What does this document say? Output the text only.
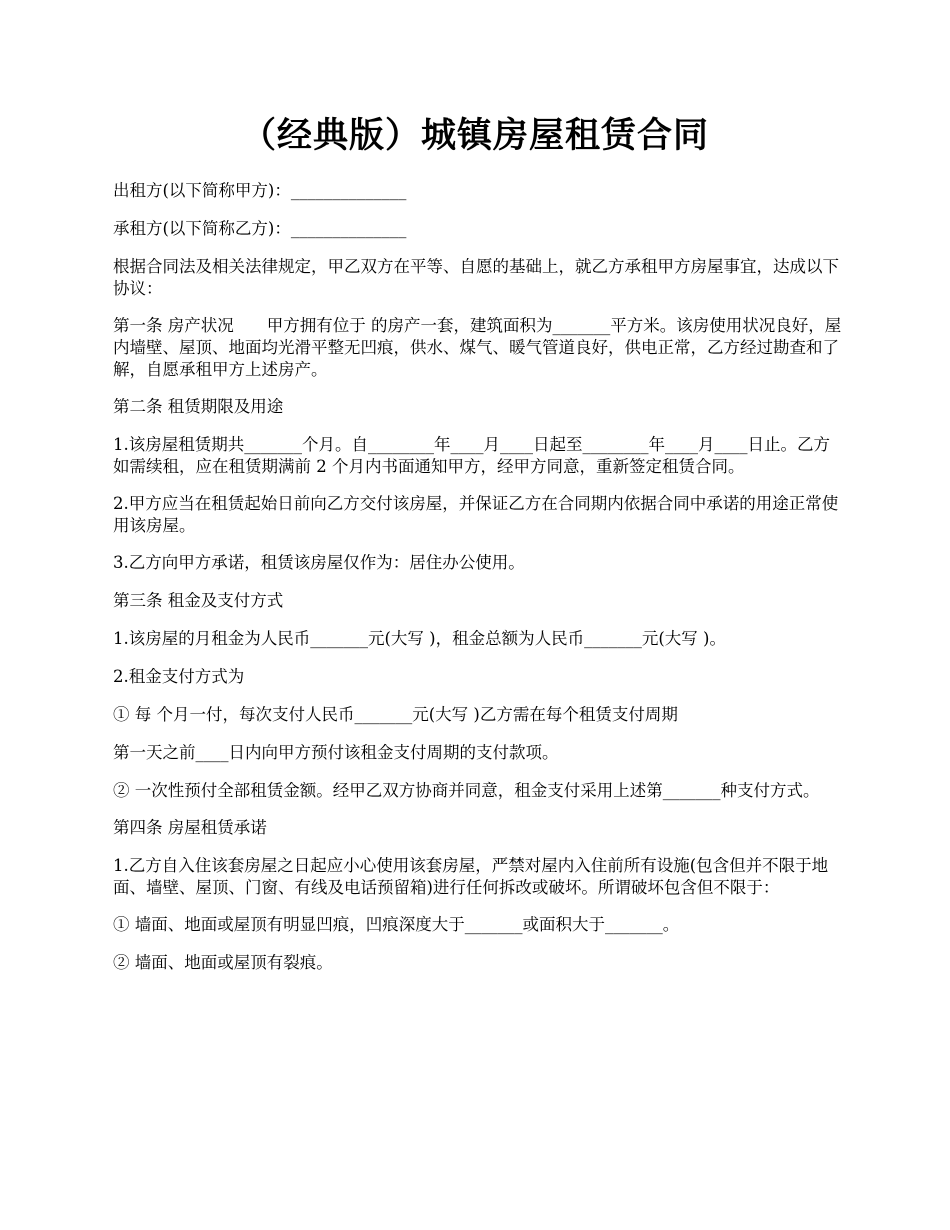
（经典版）城镇房屋租赁合同

出租方(以下简称甲方)：______________

承租方(以下简称乙方)：______________

根据合同法及相关法律规定，甲乙双方在平等、自愿的基础上，就乙方承租甲方房屋事宜，达成以下协议：

第一条 房产状况　　甲方拥有位于 的房产一套，建筑面积为_______平方米。该房使用状况良好，屋内墙壁、屋顶、地面均光滑平整无凹痕，供水、煤气、暖气管道良好，供电正常，乙方经过勘查和了解，自愿承租甲方上述房产。

第二条 租赁期限及用途

1.该房屋租赁期共_______个月。自________年____月____日起至________年____月____日止。乙方如需续租，应在租赁期满前 2 个月内书面通知甲方，经甲方同意，重新签定租赁合同。

2.甲方应当在租赁起始日前向乙方交付该房屋，并保证乙方在合同期内依据合同中承诺的用途正常使用该房屋。

3.乙方向甲方承诺，租赁该房屋仅作为：居住办公使用。

第三条 租金及支付方式

1.该房屋的月租金为人民币_______元(大写 )，租金总额为人民币_______元(大写 )。

2.租金支付方式为

① 每 个月一付，每次支付人民币_______元(大写 )乙方需在每个租赁支付周期

第一天之前____日内向甲方预付该租金支付周期的支付款项。

② 一次性预付全部租赁金额。经甲乙双方协商并同意，租金支付采用上述第_______种支付方式。

第四条 房屋租赁承诺

1.乙方自入住该套房屋之日起应小心使用该套房屋，严禁对屋内入住前所有设施(包含但并不限于地面、墙壁、屋顶、门窗、有线及电话预留箱)进行任何拆改或破坏。所谓破坏包含但不限于：

① 墙面、地面或屋顶有明显凹痕，凹痕深度大于_______或面积大于_______。

② 墙面、地面或屋顶有裂痕。
